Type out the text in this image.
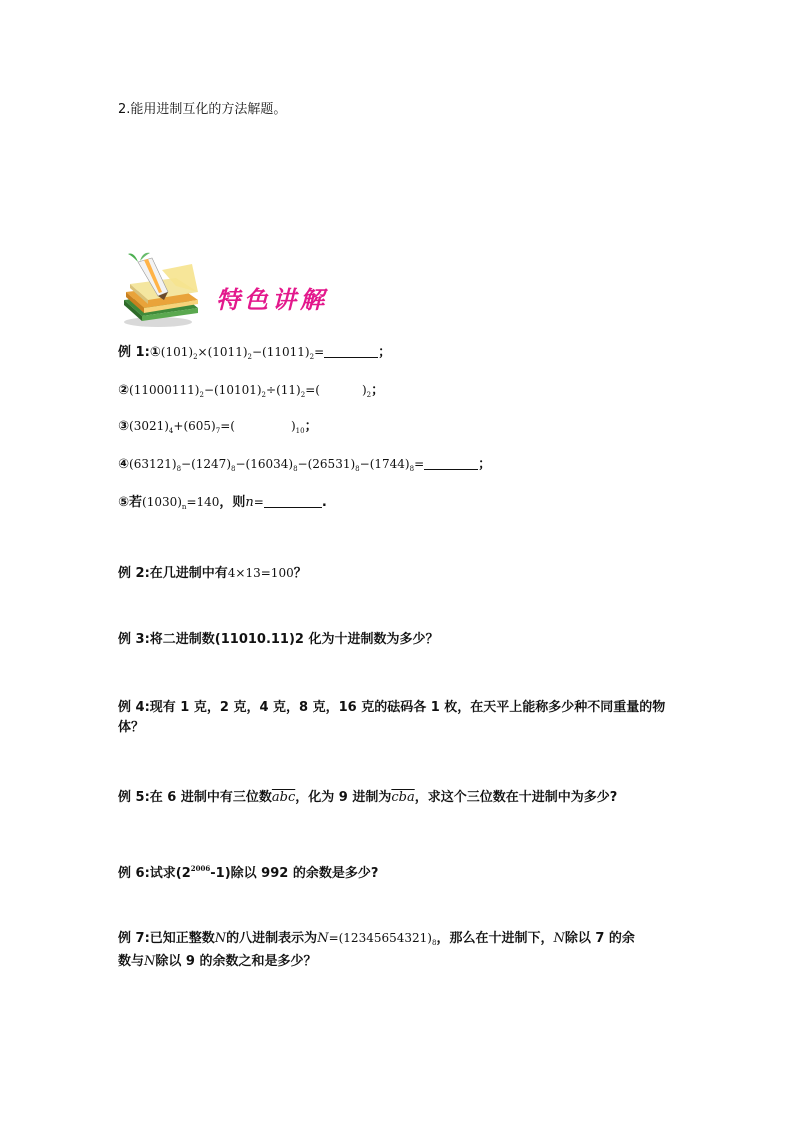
2.能用进制互化的方法解题。
特色讲解
例 $1:①(101)_2\times(1011)_2-(11011)_2=$	；
$②(11000111)_2-(10101)_2\div(11)_2=$(	)$_2$；
$③(3021)_4+(605)_7=$(	)$_{10}$；
$④(63121)_8-(1247)_8-(16034)_8-(26531)_8-(1744)_8=$	；
⑤若$(1030)_n=140$，则n=	.
例 2:在几进制中有4×13=100？
例 3:将二进制数(11010.11)2 化为十进制数为多少？
例 4:现有 1 克，2 克，4 克，8 克，16 克的砝码各 1 枚，在天平上能称多少种不同重量的物
体？
例 5:在 6 进制中有三位数$\overline{abc}$，化为 9 进制为$\overline{cba}$，求这个三位数在十进制中为多少?
例 6:试求$(2^{2006}-1)$除以 992 的余数是多少?
例 7:已知正整数N的八进制表示为$N=(12345654321)_8$，那么在十进制下，N除以 7 的余
数与N除以 9 的余数之和是多少？
